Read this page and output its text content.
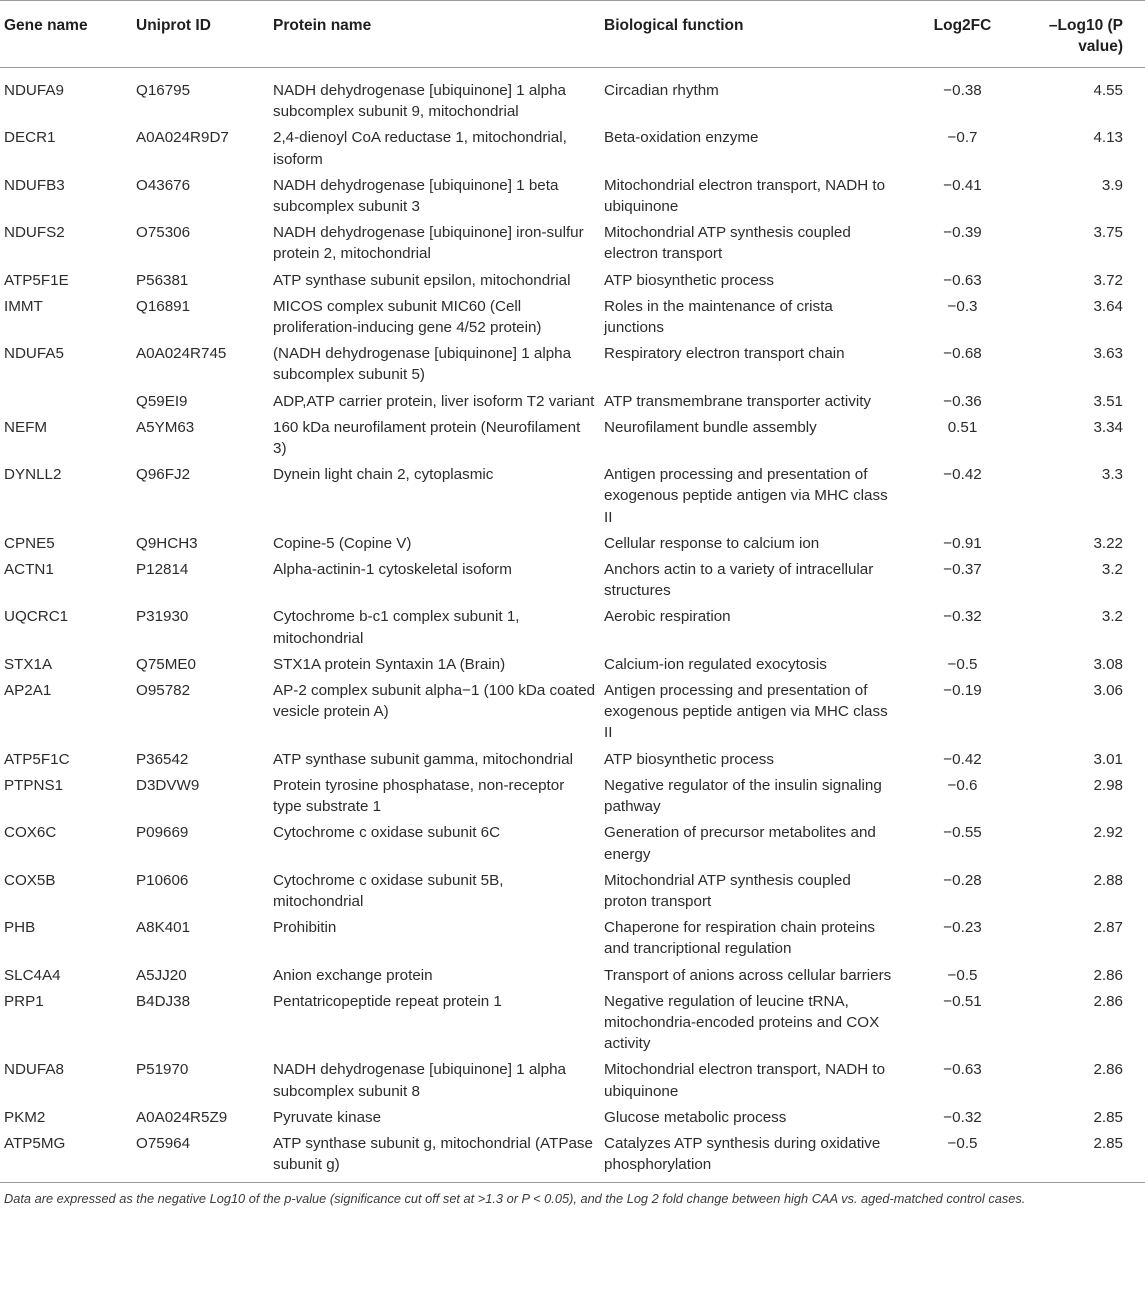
Gene name	Uniprot ID	Protein name	Biological function	Log2FC	–Log10 (P value)
NDUFA9	Q16795	NADH dehydrogenase [ubiquinone] 1 alpha subcomplex subunit 9, mitochondrial	Circadian rhythm	−0.38	4.55
DECR1	A0A024R9D7	2,4-dienoyl CoA reductase 1, mitochondrial, isoform	Beta-oxidation enzyme	−0.7	4.13
NDUFB3	O43676	NADH dehydrogenase [ubiquinone] 1 beta subcomplex subunit 3	Mitochondrial electron transport, NADH to ubiquinone	−0.41	3.9
NDUFS2	O75306	NADH dehydrogenase [ubiquinone] iron-sulfur protein 2, mitochondrial	Mitochondrial ATP synthesis coupled electron transport	−0.39	3.75
ATP5F1E	P56381	ATP synthase subunit epsilon, mitochondrial	ATP biosynthetic process	−0.63	3.72
IMMT	Q16891	MICOS complex subunit MIC60 (Cell proliferation-inducing gene 4/52 protein)	Roles in the maintenance of crista junctions	−0.3	3.64
NDUFA5	A0A024R745	(NADH dehydrogenase [ubiquinone] 1 alpha subcomplex subunit 5)	Respiratory electron transport chain	−0.68	3.63
	Q59EI9	ADP,ATP carrier protein, liver isoform T2 variant	ATP transmembrane transporter activity	−0.36	3.51
NEFM	A5YM63	160 kDa neurofilament protein (Neurofilament 3)	Neurofilament bundle assembly	0.51	3.34
DYNLL2	Q96FJ2	Dynein light chain 2, cytoplasmic	Antigen processing and presentation of exogenous peptide antigen via MHC class II	−0.42	3.3
CPNE5	Q9HCH3	Copine-5 (Copine V)	Cellular response to calcium ion	−0.91	3.22
ACTN1	P12814	Alpha-actinin-1 cytoskeletal isoform	Anchors actin to a variety of intracellular structures	−0.37	3.2
UQCRC1	P31930	Cytochrome b-c1 complex subunit 1, mitochondrial	Aerobic respiration	−0.32	3.2
STX1A	Q75ME0	STX1A protein Syntaxin 1A (Brain)	Calcium-ion regulated exocytosis	−0.5	3.08
AP2A1	O95782	AP-2 complex subunit alpha−1 (100 kDa coated vesicle protein A)	Antigen processing and presentation of exogenous peptide antigen via MHC class II	−0.19	3.06
ATP5F1C	P36542	ATP synthase subunit gamma, mitochondrial	ATP biosynthetic process	−0.42	3.01
PTPNS1	D3DVW9	Protein tyrosine phosphatase, non-receptor type substrate 1	Negative regulator of the insulin signaling pathway	−0.6	2.98
COX6C	P09669	Cytochrome c oxidase subunit 6C	Generation of precursor metabolites and energy	−0.55	2.92
COX5B	P10606	Cytochrome c oxidase subunit 5B, mitochondrial	Mitochondrial ATP synthesis coupled proton transport	−0.28	2.88
PHB	A8K401	Prohibitin	Chaperone for respiration chain proteins and trancriptional regulation	−0.23	2.87
SLC4A4	A5JJ20	Anion exchange protein	Transport of anions across cellular barriers	−0.5	2.86
PRP1	B4DJ38	Pentatricopeptide repeat protein 1	Negative regulation of leucine tRNA, mitochondria-encoded proteins and COX activity	−0.51	2.86
NDUFA8	P51970	NADH dehydrogenase [ubiquinone] 1 alpha subcomplex subunit 8	Mitochondrial electron transport, NADH to ubiquinone	−0.63	2.86
PKM2	A0A024R5Z9	Pyruvate kinase	Glucose metabolic process	−0.32	2.85
ATP5MG	O75964	ATP synthase subunit g, mitochondrial (ATPase subunit g)	Catalyzes ATP synthesis during oxidative phosphorylation	−0.5	2.85
Data are expressed as the negative Log10 of the p-value (significance cut off set at >1.3 or P < 0.05), and the Log 2 fold change between high CAA vs. aged-matched control cases.
